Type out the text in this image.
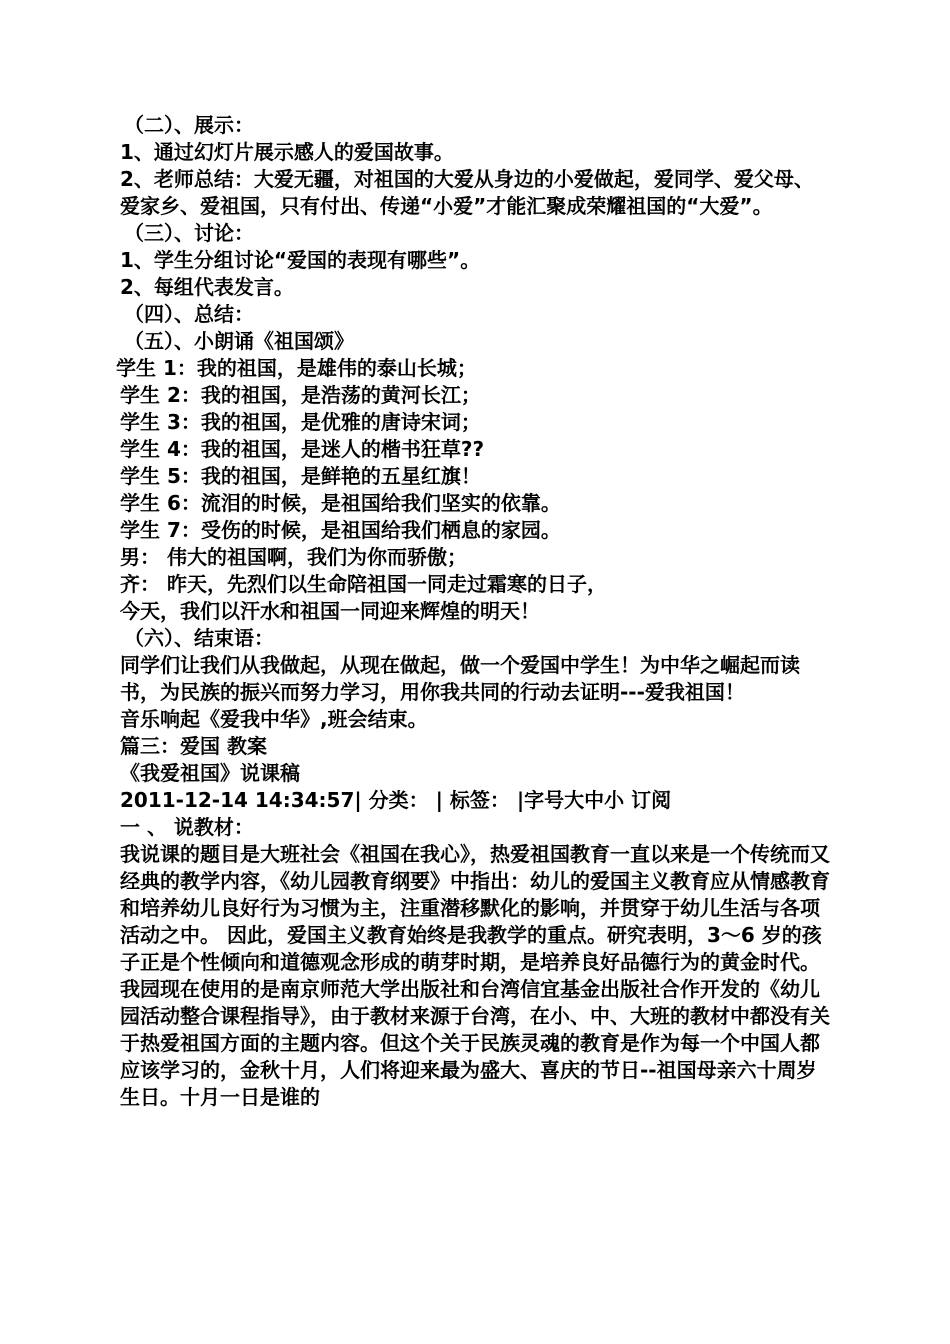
（二）、展示：

1、通过幻灯片展示感人的爱国故事。

2、老师总结：大爱无疆，对祖国的大爱从身边的小爱做起，爱同学、爱父母、爱家乡、爱祖国，只有付出、传递“小爱”才能汇聚成荣耀祖国的“大爱”。

（三）、讨论：

1、学生分组讨论“爱国的表现有哪些”。

2、每组代表发言。

（四）、总结：

（五）、小朗诵《祖国颂》

学生 1：我的祖国，是雄伟的泰山长城；

学生 2：我的祖国，是浩荡的黄河长江；

学生 3：我的祖国，是优雅的唐诗宋词；

学生 4：我的祖国，是迷人的楷书狂草??

学生 5：我的祖国，是鲜艳的五星红旗！

学生 6：流泪的时候，是祖国给我们坚实的依靠。

学生 7：受伤的时候，是祖国给我们栖息的家园。

男： 伟大的祖国啊，我们为你而骄傲；

齐： 昨天，先烈们以生命陪祖国一同走过霜寒的日子，

今天，我们以汗水和祖国一同迎来辉煌的明天！

（六）、结束语：

同学们让我们从我做起，从现在做起，做一个爱国中学生！为中华之崛起而读书，为民族的振兴而努力学习，用你我共同的行动去证明---爱我祖国！

音乐响起《爱我中华》,班会结束。

篇三：爱国 教案

《我爱祖国》说课稿

2011-12-14 14:34:57| 分类： | 标签： |字号大中小 订阅

一 、 说教材：

我说课的题目是大班社会《祖国在我心》，热爱祖国教育一直以来是一个传统而又经典的教学内容，《幼儿园教育纲要》中指出：幼儿的爱国主义教育应从情感教育和培养幼儿良好行为习惯为主，注重潜移默化的影响，并贯穿于幼儿生活与各项活动之中。 因此，爱国主义教育始终是我教学的重点。研究表明，3～6 岁的孩子正是个性倾向和道德观念形成的萌芽时期，是培养良好品德行为的黄金时代。我园现在使用的是南京师范大学出版社和台湾信宜基金出版社合作开发的《幼儿园活动整合课程指导》，由于教材来源于台湾，在小、中、大班的教材中都没有关于热爱祖国方面的主题内容。但这个关于民族灵魂的教育是作为每一个中国人都应该学习的，金秋十月，人们将迎来最为盛大、喜庆的节日--祖国母亲六十周岁生日。十月一日是谁的
